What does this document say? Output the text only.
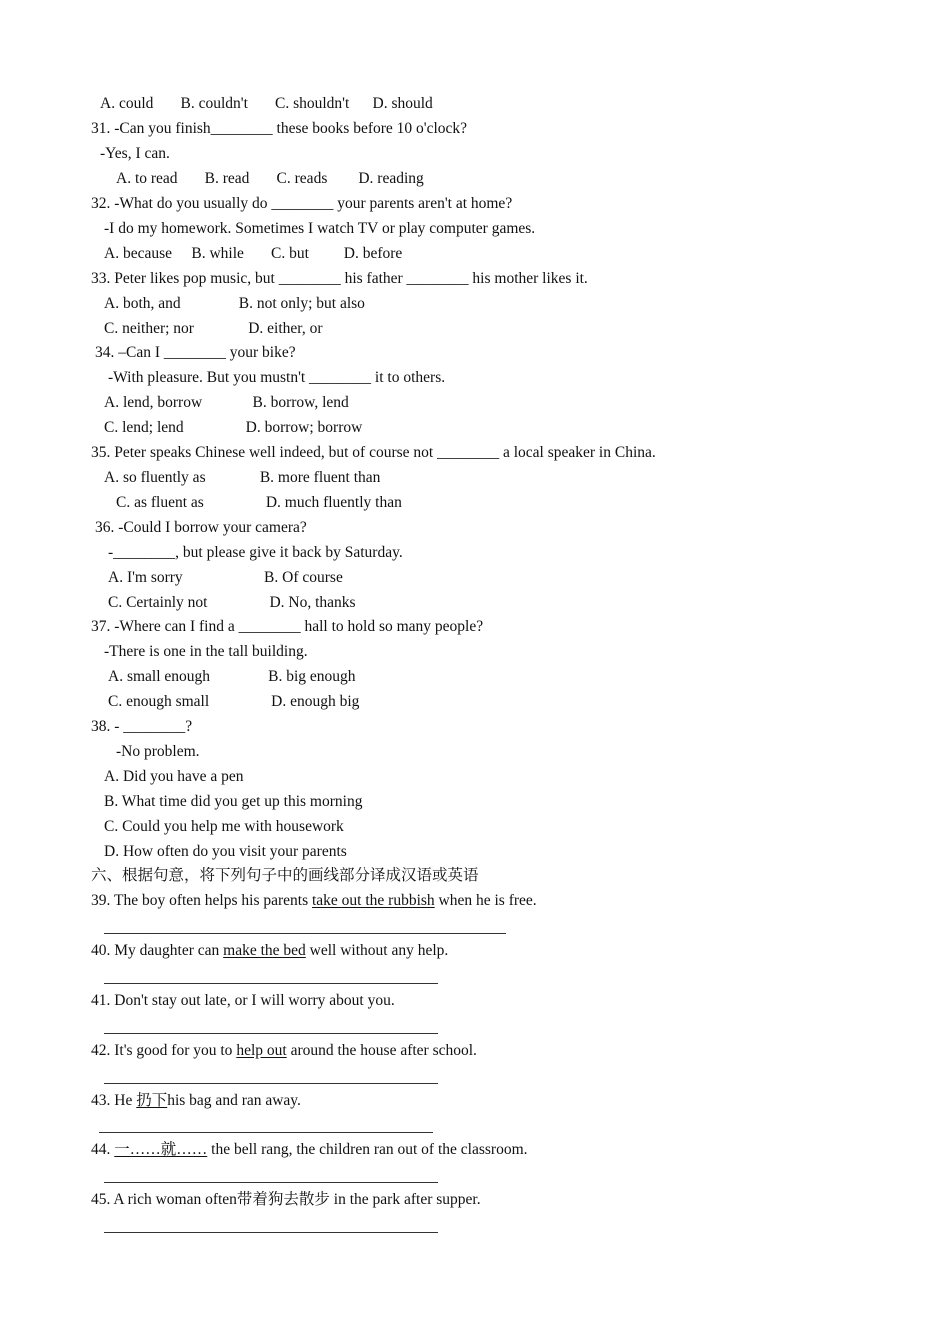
A. could       B. couldn't       C. shouldn't      D. should
31. -Can you finish________ these books before 10 o'clock?
-Yes, I can.
A. to read       B. read       C. reads        D. reading
32. -What do you usually do ________ your parents aren't at home?
-I do my homework. Sometimes I watch TV or play computer games.
A. because     B. while       C. but         D. before
33. Peter likes pop music, but ________ his father ________ his mother likes it.
A. both, and               B. not only; but also
C. neither; nor              D. either, or
34. –Can I ________ your bike?
-With pleasure. But you mustn't ________ it to others.
A. lend, borrow             B. borrow, lend
C. lend; lend                D. borrow; borrow
35. Peter speaks Chinese well indeed, but of course not ________ a local speaker in China.
A. so fluently as              B. more fluent than
C. as fluent as                D. much fluently than
36. -Could I borrow your camera?
-________, but please give it back by Saturday.
A. I'm sorry                     B. Of course
C. Certainly not                D. No, thanks
37. -Where can I find a ________ hall to hold so many people?
-There is one in the tall building.
A. small enough               B. big enough
C. enough small                D. enough big
38. - ________?
-No problem.
A. Did you have a pen
B. What time did you get up this morning
C. Could you help me with housework
D. How often do you visit your parents
六、根据句意，将下列句子中的画线部分译成汉语或英语
39. The boy often helps his parents take out the rubbish when he is free.
40. My daughter can make the bed well without any help.
41. Don't stay out late, or I will worry about you.
42. It's good for you to help out around the house after school.
43. He 扔下his bag and ran away.
44. 一……就…… the bell rang, the children ran out of the classroom.
45. A rich woman often带着狗去散步 in the park after supper.
